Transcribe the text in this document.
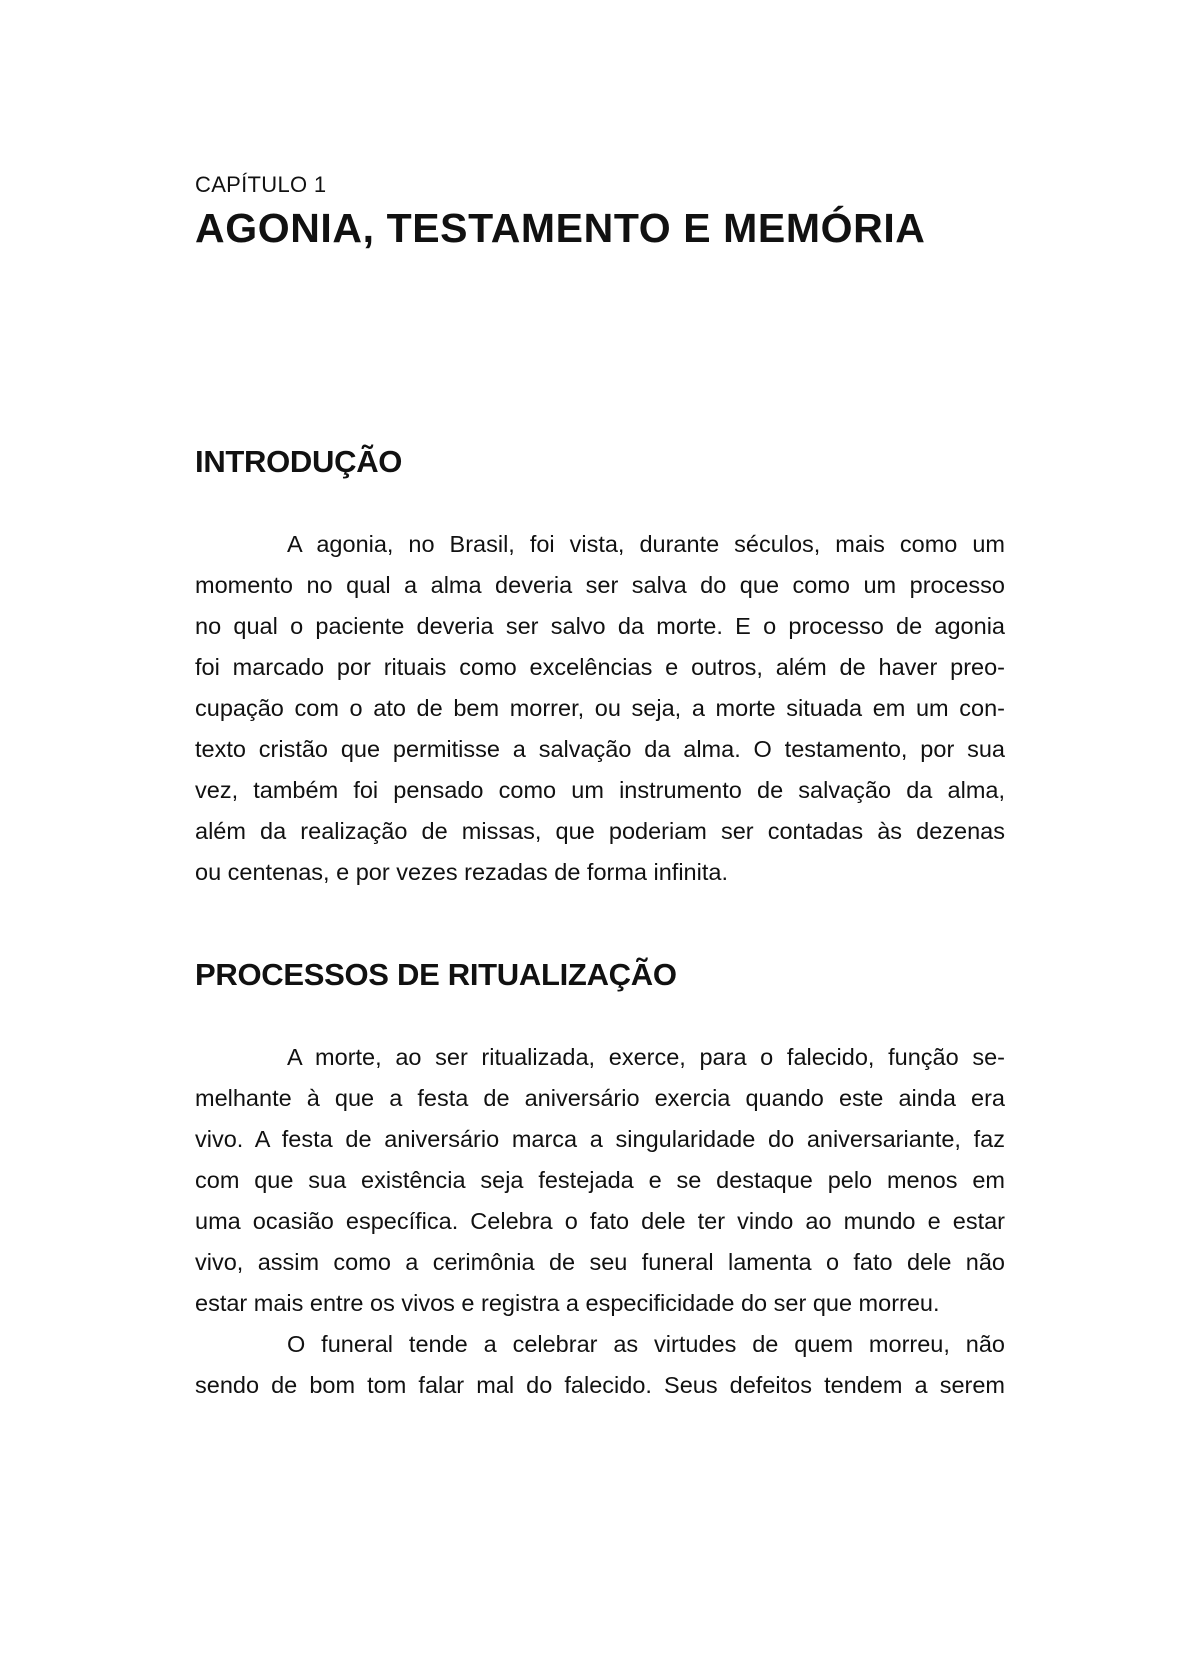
CAPÍTULO 1
AGONIA, TESTAMENTO E MEMÓRIA
INTRODUÇÃO
A agonia, no Brasil, foi vista, durante séculos, mais como um
momento no qual a alma deveria ser salva do que como um processo
no qual o paciente deveria ser salvo da morte. E o processo de agonia
foi marcado por rituais como excelências e outros, além de haver preo-
cupação com o ato de bem morrer, ou seja, a morte situada em um con-
texto cristão que permitisse a salvação da alma. O testamento, por sua
vez, também foi pensado como um instrumento de salvação da alma,
além da realização de missas, que poderiam ser contadas às dezenas
ou centenas, e por vezes rezadas de forma infinita.
PROCESSOS DE RITUALIZAÇÃO
A morte, ao ser ritualizada, exerce, para o falecido, função se-
melhante à que a festa de aniversário exercia quando este ainda era
vivo. A festa de aniversário marca a singularidade do aniversariante, faz
com que sua existência seja festejada e se destaque pelo menos em
uma ocasião específica. Celebra o fato dele ter vindo ao mundo e estar
vivo, assim como a cerimônia de seu funeral lamenta o fato dele não
estar mais entre os vivos e registra a especificidade do ser que morreu.
O funeral tende a celebrar as virtudes de quem morreu, não
sendo de bom tom falar mal do falecido. Seus defeitos tendem a serem
